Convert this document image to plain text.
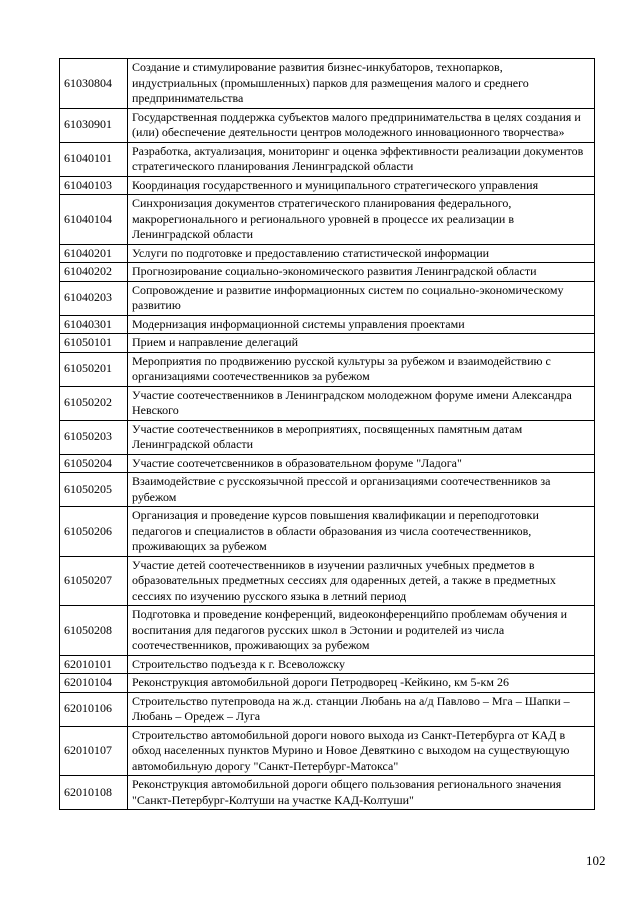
61030804	Создание и стимулирование развития бизнес-инкубаторов, технопарков, индустриальных (промышленных) парков для размещения малого и среднего предпринимательства
61030901	Государственная поддержка субъектов малого предпринимательства в целях создания и (или) обеспечение деятельности центров молодежного инновационного творчества»
61040101	Разработка, актуализация, мониторинг и оценка эффективности реализации документов стратегического планирования Ленинградской области
61040103	Координация государственного и муниципального стратегического управления
61040104	Синхронизация документов стратегического планирования федерального, макрорегионального и регионального уровней в процессе их реализации в Ленинградской области
61040201	Услуги по подготовке и предоставлению статистической информации
61040202	Прогнозирование социально-экономического развития Ленинградской области
61040203	Сопровождение и развитие информационных систем по социально-экономическому развитию
61040301	Модернизация информационной системы управления проектами
61050101	Прием и направление делегаций
61050201	Мероприятия по продвижению русской культуры за рубежом и взаимодействию с организациями соотечественников за рубежом
61050202	Участие соотечественников в Ленинградском молодежном форуме имени Александра Невского
61050203	Участие соотечественников в мероприятиях, посвященных памятным датам Ленинградской области
61050204	Участие соотечетсвенников в образовательном форуме "Ладога"
61050205	Взаимодействие с русскоязычной прессой и организациями соотечественников за рубежом
61050206	Организация и проведение курсов повышения квалификации и переподготовки педагогов и специалистов в области образования из числа соотечественников, проживающих за рубежом
61050207	Участие детей соотечественников в изучении различных учебных предметов в образовательных предметных сессиях для одаренных детей, а также в предметных сессиях по изучению русского языка в летний период
61050208	Подготовка и проведение конференций, видеоконференцийпо проблемам обучения и воспитания для педагогов русских школ в Эстонии и родителей из числа соотечественников, проживающих за рубежом
62010101	Строительство подъезда к г. Всеволожску
62010104	Реконструкция автомобильной дороги Петродворец -Кейкино, км 5-км 26
62010106	Строительство путепровода на ж.д. станции Любань на а/д Павлово – Мга – Шапки – Любань – Оредеж – Луга
62010107	Строительство автомобильной дороги нового выхода из Санкт-Петербурга от КАД в обход населенных пунктов Мурино и Новое Девяткино с выходом на существующую автомобильную дорогу "Санкт-Петербург-Матокса"
62010108	Реконструкция автомобильной дороги общего пользования регионального значения "Санкт-Петербург-Колтуши на участке КАД-Колтуши"
102
